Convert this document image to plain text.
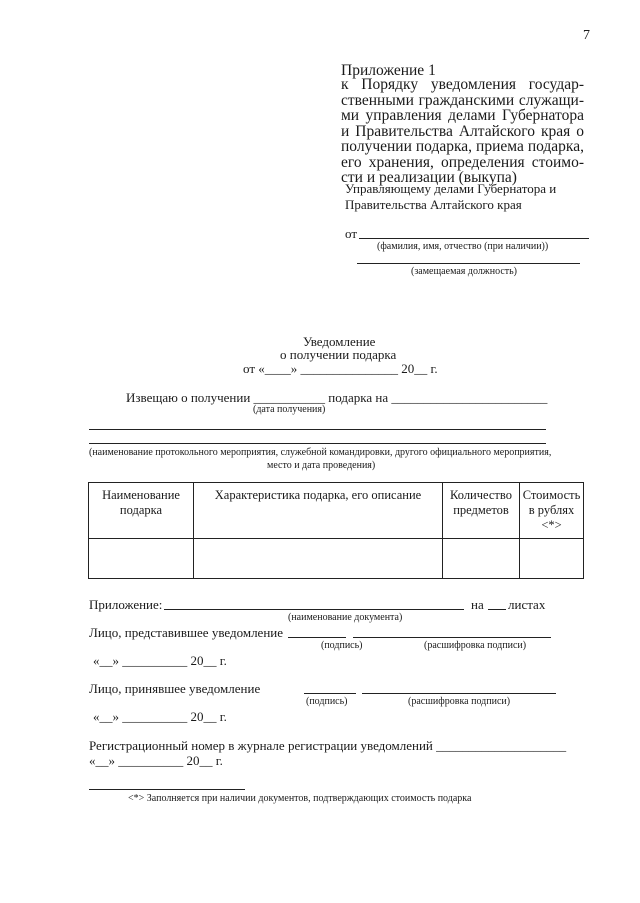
7
Приложение 1
к Порядку уведомления государ-ственными гражданскими служащи-ми управления делами Губернатора и Правительства Алтайского края о получении подарка, приема подарка, его хранения, определения стоимо-сти и реализации (выкупа)
Управляющему делами Губернатора и
Правительства Алтайского края
от
(фамилия, имя, отчество (при наличии))
(замещаемая должность)
Уведомление
о получении подарка
от «____» _______________ 20__ г.
Извещаю о получении ___________ подарка на ________________________
(дата получения)
(наименование протокольного мероприятия, служебной командировки, другого официального мероприятия,
место и дата проведения)
Наименование подарка	Характеристика подарка, его описание	Количество предметов	Стоимость в рублях <*>

Приложение:	на листах
(наименование документа)
Лицо, представившее уведомление
(подпись)	(расшифровка подписи)
«__» __________ 20__ г.
Лицо, принявшее уведомление
(подпись)	(расшифровка подписи)
«__» __________ 20__ г.
Регистрационный номер в журнале регистрации уведомлений ____________________
«__» __________ 20__ г.
<*> Заполняется при наличии документов, подтверждающих стоимость подарка
